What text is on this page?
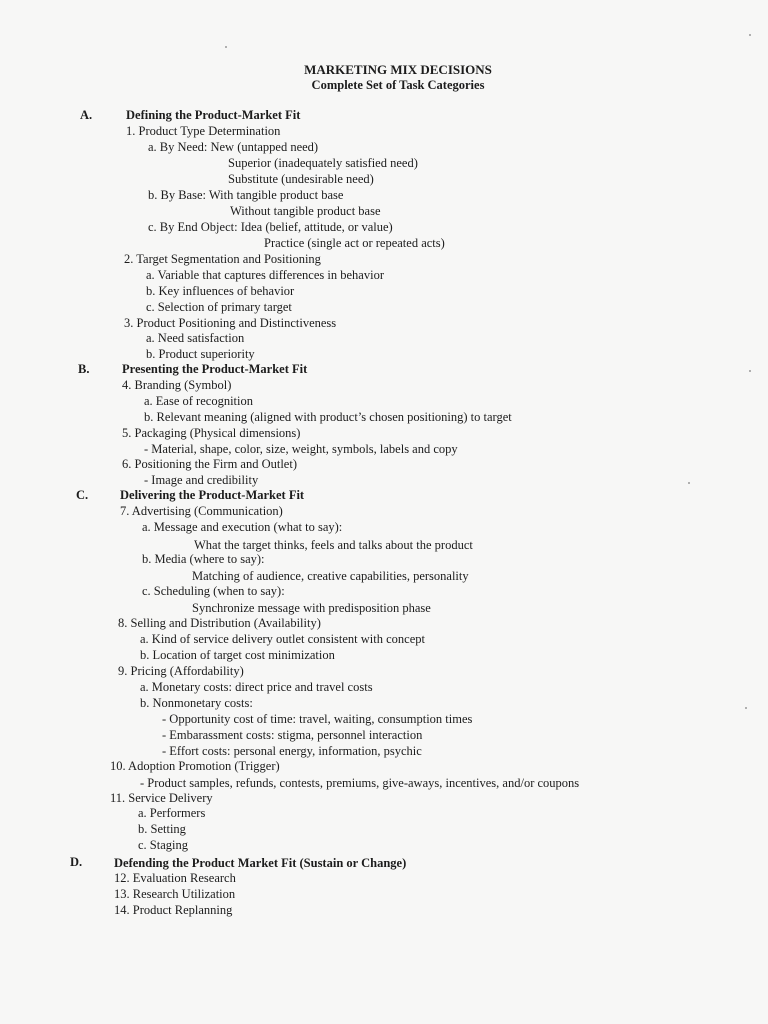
MARKETING MIX DECISIONS
Complete Set of Task Categories
A.	Defining the Product-Market Fit
1. Product Type Determination
a. By Need: New (untapped need)
Superior (inadequately satisfied need)
Substitute (undesirable need)
b. By Base: With tangible product base
Without tangible product base
c. By End Object: Idea (belief, attitude, or value)
Practice (single act or repeated acts)
2. Target Segmentation and Positioning
a. Variable that captures differences in behavior
b. Key influences of behavior
c. Selection of primary target
3. Product Positioning and Distinctiveness
a. Need satisfaction
b. Product superiority
B.	Presenting the Product-Market Fit
4. Branding (Symbol)
a. Ease of recognition
b. Relevant meaning (aligned with product’s chosen positioning) to target
5. Packaging (Physical dimensions)
- Material, shape, color, size, weight, symbols, labels and copy
6. Positioning the Firm and Outlet)
- Image and credibility
C.	Delivering the Product-Market Fit
7. Advertising (Communication)
a. Message and execution (what to say):
What the target thinks, feels and talks about the product
b. Media (where to say):
Matching of audience, creative capabilities, personality
c. Scheduling (when to say):
Synchronize message with predisposition phase
8. Selling and Distribution (Availability)
a. Kind of service delivery outlet consistent with concept
b. Location of target cost minimization
9. Pricing (Affordability)
a. Monetary costs: direct price and travel costs
b. Nonmonetary costs:
- Opportunity cost of time: travel, waiting, consumption times
- Embarassment costs: stigma, personnel interaction
- Effort costs: personal energy, information, psychic
10. Adoption Promotion (Trigger)
- Product samples, refunds, contests, premiums, give-aways, incentives, and/or coupons
11. Service Delivery
a. Performers
b. Setting
c. Staging
D.	Defending the Product Market Fit (Sustain or Change)
12. Evaluation Research
13. Research Utilization
14. Product Replanning
